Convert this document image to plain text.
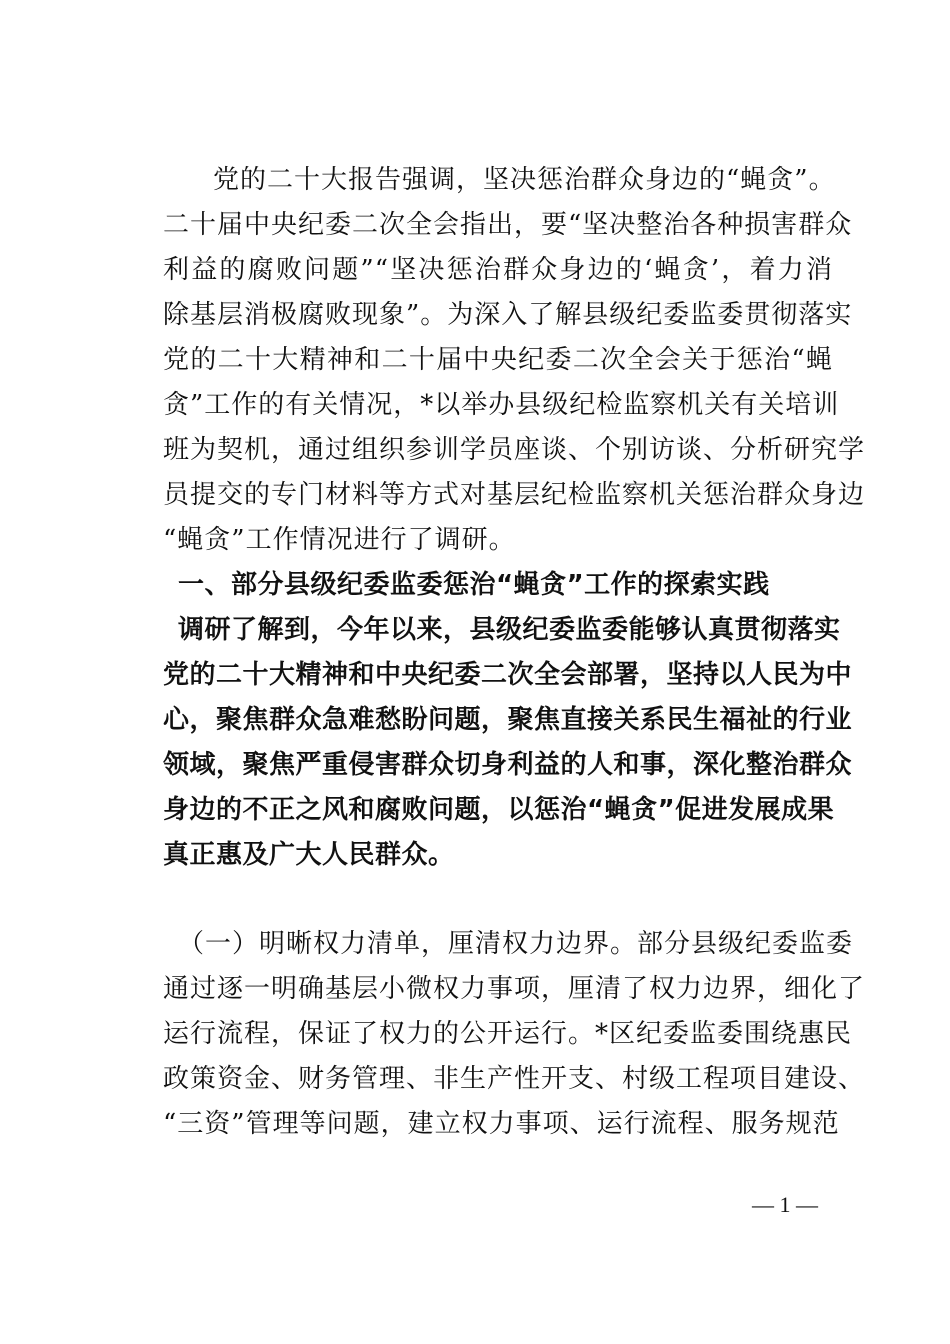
党的二十大报告强调，坚决惩治群众身边的“蝇贪”。
二十届中央纪委二次全会指出，要“坚决整治各种损害群众
利益的腐败问题”“坚决惩治群众身边的‘蝇贪’，着力消
除基层消极腐败现象”。为深入了解县级纪委监委贯彻落实
党的二十大精神和二十届中央纪委二次全会关于惩治“蝇
贪”工作的有关情况，*以举办县级纪检监察机关有关培训
班为契机，通过组织参训学员座谈、个别访谈、分析研究学
员提交的专门材料等方式对基层纪检监察机关惩治群众身边
“蝇贪”工作情况进行了调研。
一、部分县级纪委监委惩治“蝇贪”工作的探索实践
调研了解到，今年以来，县级纪委监委能够认真贯彻落实
党的二十大精神和中央纪委二次全会部署，坚持以人民为中
心，聚焦群众急难愁盼问题，聚焦直接关系民生福祉的行业
领域，聚焦严重侵害群众切身利益的人和事，深化整治群众
身边的不正之风和腐败问题，以惩治“蝇贪”促进发展成果
真正惠及广大人民群众。
（一）明晰权力清单，厘清权力边界。部分县级纪委监委
通过逐一明确基层小微权力事项，厘清了权力边界，细化了
运行流程，保证了权力的公开运行。*区纪委监委围绕惠民
政策资金、财务管理、非生产性开支、村级工程项目建设、
“三资”管理等问题，建立权力事项、运行流程、服务规范
— 1 —
